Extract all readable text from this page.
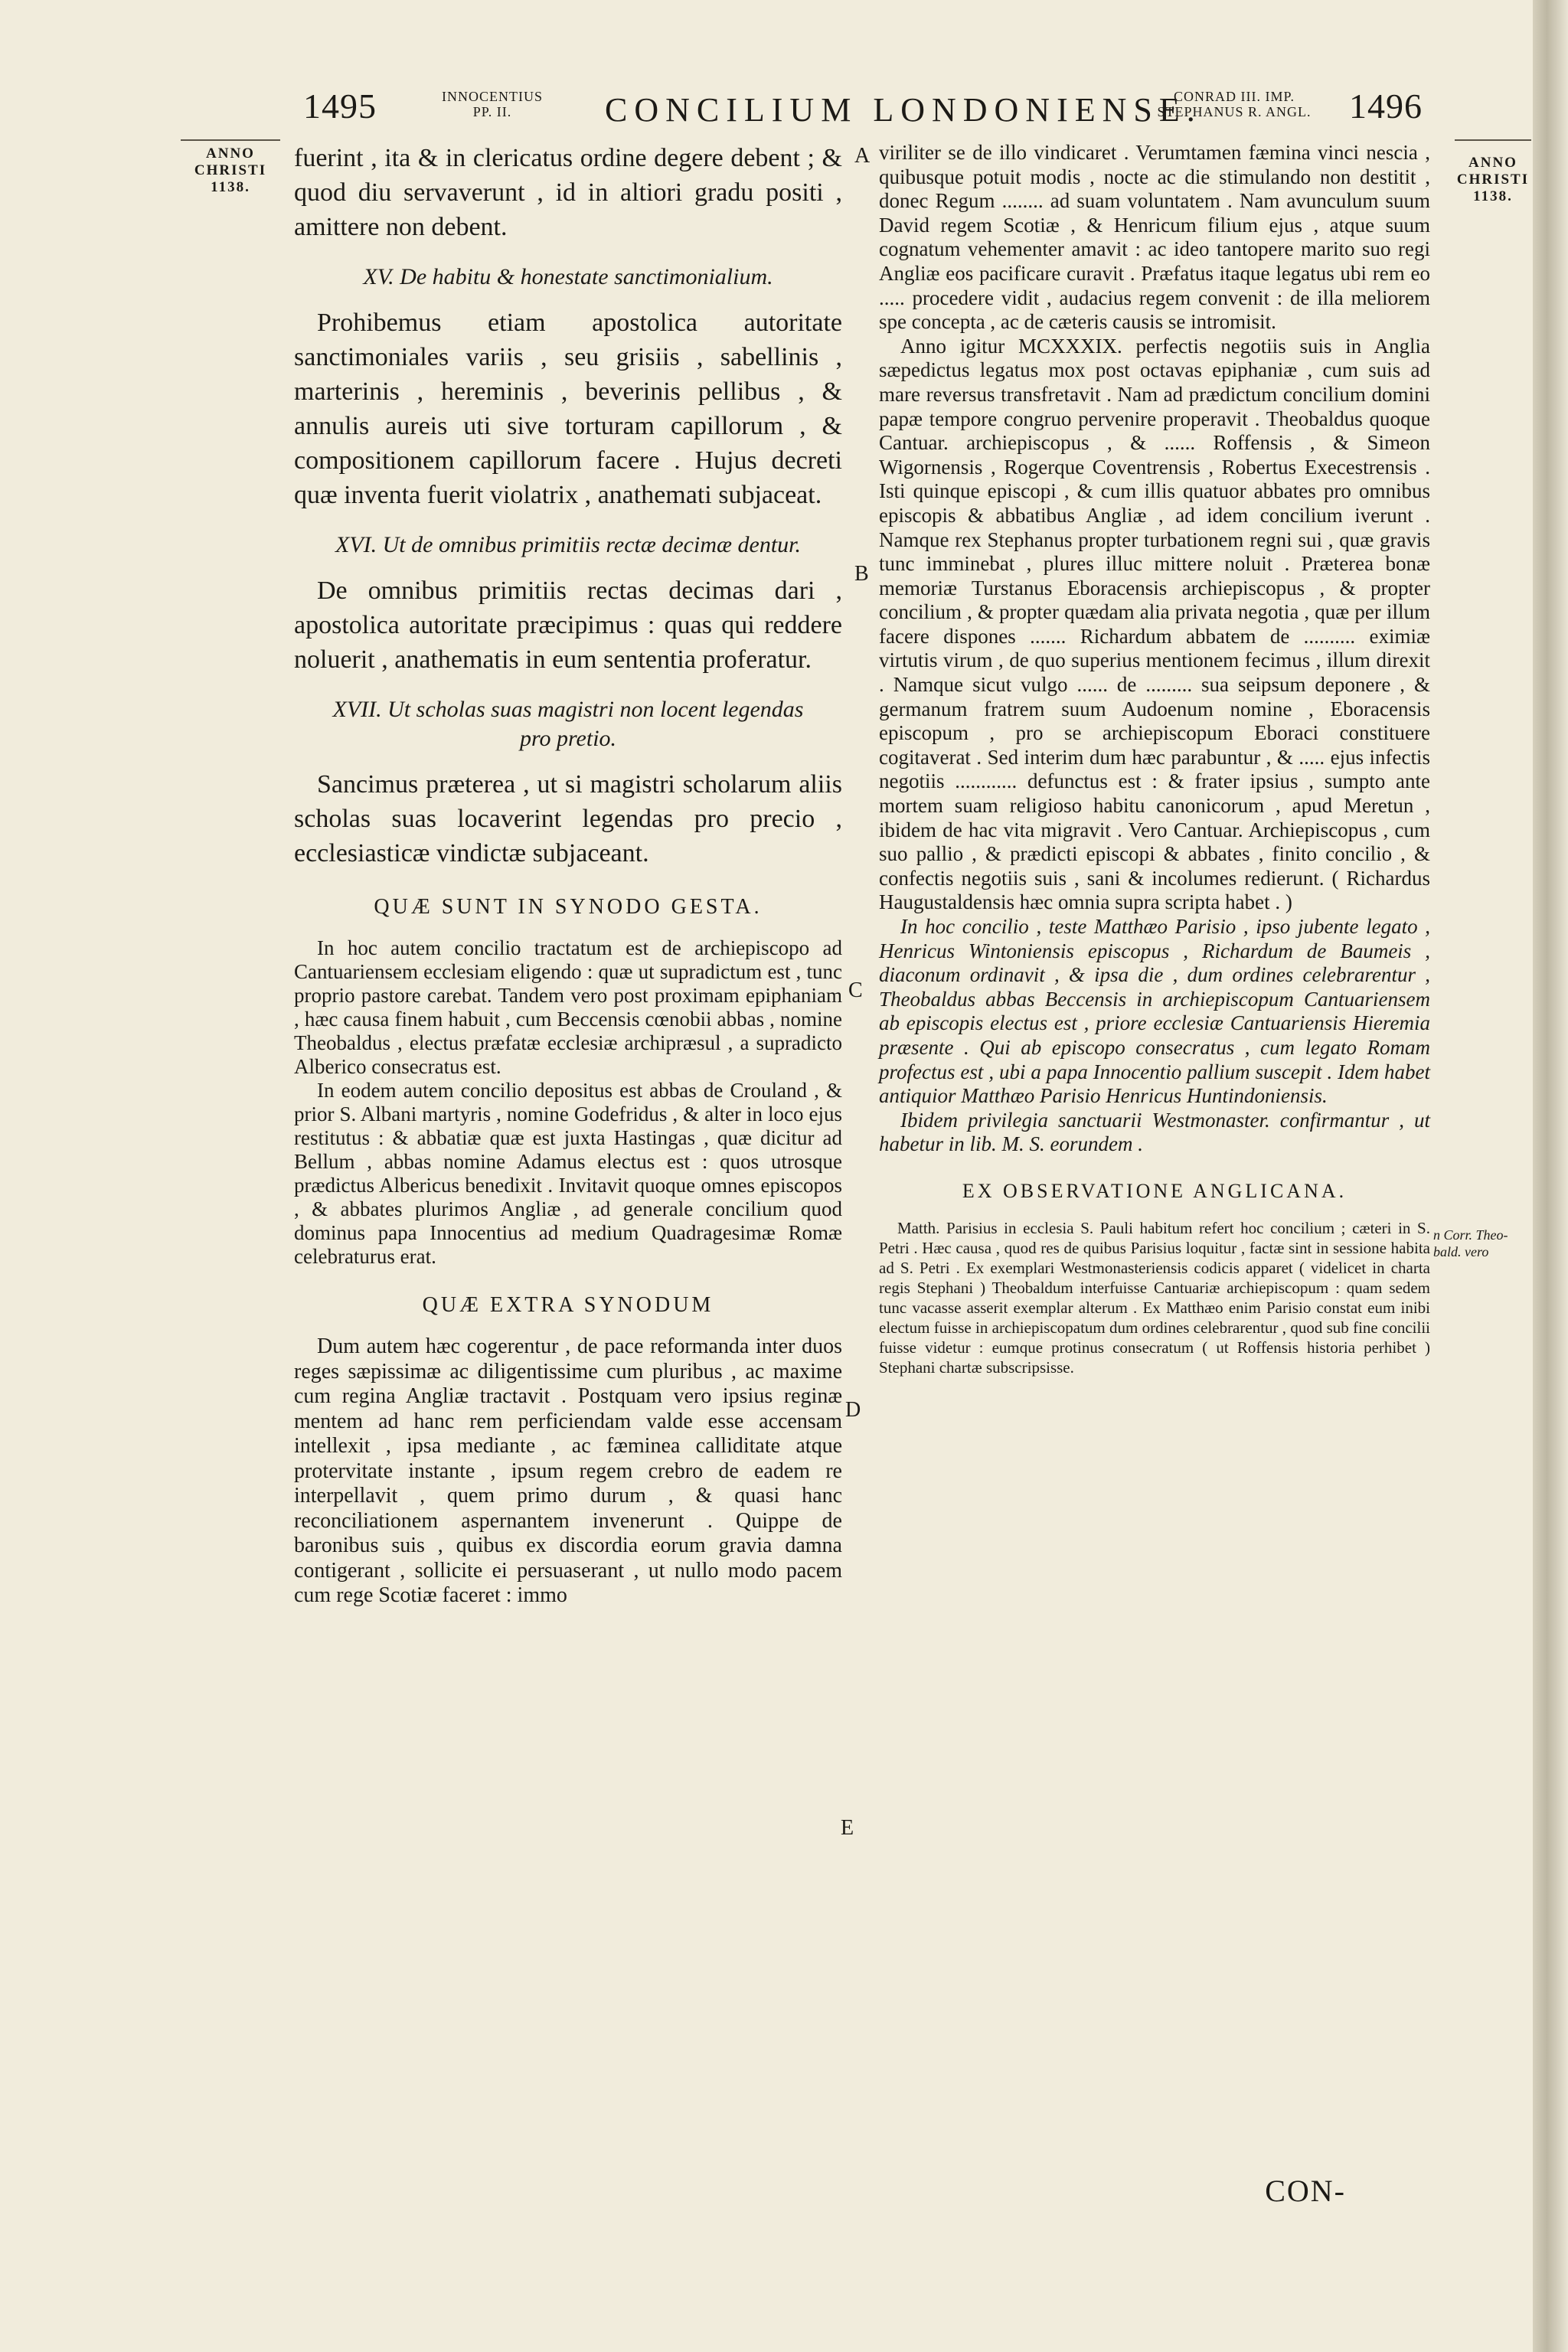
1495	INNOCENTIUS
PP. II.	CONCILIUM LONDONIENSE.
CONRAD III. IMP.
STEPHANUS R. ANGL.	1496
ANNO
CHRISTI
1138.
ANNO
CHRISTI
1138.
A
B
C
D
E

fuerint , ita & in clericatus ordine degere debent ; & quod diu servaverunt , id in altiori gradu positi , amittere non debent.

XV. De habitu & honestate sanctimonialium.

Prohibemus etiam apostolica autoritate sanctimoniales variis , seu grisiis , sabellinis , marterinis , hereminis , beverinis pellibus , & annulis aureis uti sive torturam capillorum , & compositionem capillorum facere . Hujus decreti quæ inventa fuerit violatrix , anathemati subjaceat.

XVI. Ut de omnibus primitiis rectæ decimæ dentur.

De omnibus primitiis rectas decimas dari , apostolica autoritate præcipimus : quas qui reddere noluerit , anathematis in eum sententia proferatur.

XVII. Ut scholas suas magistri non locent legendas pro pretio.

Sancimus præterea , ut si magistri scholarum aliis scholas suas locaverint legendas pro precio , ecclesiasticæ vindictæ subjaceant.

QUÆ SUNT IN SYNODO GESTA.

In hoc autem concilio tractatum est de archiepiscopo ad Cantuariensem ecclesiam eligendo : quæ ut supradictum est , tunc proprio pastore carebat. Tandem vero post proximam epiphaniam , hæc causa finem habuit , cum Beccensis cœnobii abbas , nomine Theobaldus , electus præfatæ ecclesiæ archipræsul , a supradicto Alberico consecratus est.

In eodem autem concilio depositus est abbas de Crouland , & prior S. Albani martyris , nomine Godefridus , & alter in loco ejus restitutus : & abbatiæ quæ est juxta Hastingas , quæ dicitur ad Bellum , abbas nomine Adamus electus est : quos utrosque prædictus Albericus benedixit . Invitavit quoque omnes episcopos , & abbates plurimos Angliæ , ad generale concilium quod dominus papa Innocentius ad medium Quadragesimæ Romæ celebraturus erat.

QUÆ EXTRA SYNODUM

Dum autem hæc cogerentur , de pace reformanda inter duos reges sæpissimæ ac diligentissime cum pluribus , ac maxime cum regina Angliæ tractavit . Postquam vero ipsius reginæ mentem ad hanc rem perficiendam valde esse accensam intellexit , ipsa mediante , ac fæminea calliditate atque protervitate instante , ipsum regem crebro de eadem re interpellavit , quem primo durum , & quasi hanc reconciliationem aspernantem invenerunt . Quippe de baronibus suis , quibus ex discordia eorum gravia damna contigerant , sollicite ei persuaserant , ut nullo modo pacem cum rege Scotiæ faceret : immo

viriliter se de illo vindicaret . Verumtamen fæmina vinci nescia , quibusque potuit modis , nocte ac die stimulando non destitit , donec Regum ........ ad suam voluntatem . Nam avunculum suum David regem Scotiæ , & Henricum filium ejus , atque suum cognatum vehementer amavit : ac ideo tantopere marito suo regi Angliæ eos pacificare curavit . Præfatus itaque legatus ubi rem eo ..... procedere vidit , audacius regem convenit : de illa meliorem spe concepta , ac de cæteris causis se intromisit.

Anno igitur MCXXXIX. perfectis negotiis suis in Anglia sæpedictus legatus mox post octavas epiphaniæ , cum suis ad mare reversus transfretavit . Nam ad prædictum concilium domini papæ tempore congruo pervenire properavit . Theobaldus quoque Cantuar. archiepiscopus , & ...... Roffensis , & Simeon Wigornensis , Rogerque Coventrensis , Robertus Execestrensis . Isti quinque episcopi , & cum illis quatuor abbates pro omnibus episcopis & abbatibus Angliæ , ad idem concilium iverunt . Namque rex Stephanus propter turbationem regni sui , quæ gravis tunc imminebat , plures illuc mittere noluit . Præterea bonæ memoriæ Turstanus Eboracensis archiepiscopus , & propter concilium , & propter quædam alia privata negotia , quæ per illum facere dispones ....... Richardum abbatem de .......... eximiæ virtutis virum , de quo superius mentionem fecimus , illum direxit . Namque sicut vulgo ...... de ......... sua seipsum deponere , & germanum fratrem suum Audoenum nomine , Eboracensis episcopum , pro se archiepiscopum Eboraci constituere cogitaverat . Sed interim dum hæc parabuntur , & ..... ejus infectis negotiis ............ defunctus est : & frater ipsius , sumpto ante mortem suam religioso habitu canonicorum , apud Meretun , ibidem de hac vita migravit . Vero Cantuar. Archiepiscopus , cum suo pallio , & prædicti episcopi & abbates , finito concilio , & confectis negotiis suis , sani & incolumes redierunt. ( Richardus Haugustaldensis hæc omnia supra scripta habet . )

In hoc concilio , teste Matthæo Parisio , ipso jubente legato , Henricus Wintoniensis episcopus , Richardum de Baumeis , diaconum ordinavit , & ipsa die , dum ordines celebrarentur , Theobaldus abbas Beccensis in archiepiscopum Cantuariensem ab episcopis electus est , priore ecclesiæ Cantuariensis Hieremia præsente . Qui ab episcopo consecratus , cum legato Romam profectus est , ubi a papa Innocentio pallium suscepit . Idem habet antiquior Matthæo Parisio Henricus Huntindoniensis.

Ibidem privilegia sanctuarii Westmonaster. confirmantur , ut habetur in lib. M. S. eorundem .

EX OBSERVATIONE ANGLICANA.

Matth. Parisius in ecclesia S. Pauli habitum refert hoc concilium ; cæteri in S. Petri . Hæc causa , quod res de quibus Parisius loquitur , factæ sint in sessione habita ad S. Petri . Ex exemplari Westmonasteriensis codicis apparet ( videlicet in charta regis Stephani ) Theobaldum interfuisse Cantuariæ archiepiscopum : quam sedem tunc vacasse asserit exemplar alterum . Ex Matthæo enim Parisio constat eum inibi electum fuisse in archiepiscopatum dum ordines celebrarentur , quod sub fine concilii fuisse videtur : eumque protinus consecratum ( ut Roffensis historia perhibet ) Stephani chartæ subscripsisse.

n Corr. Theo-
bald. vero
CON-
